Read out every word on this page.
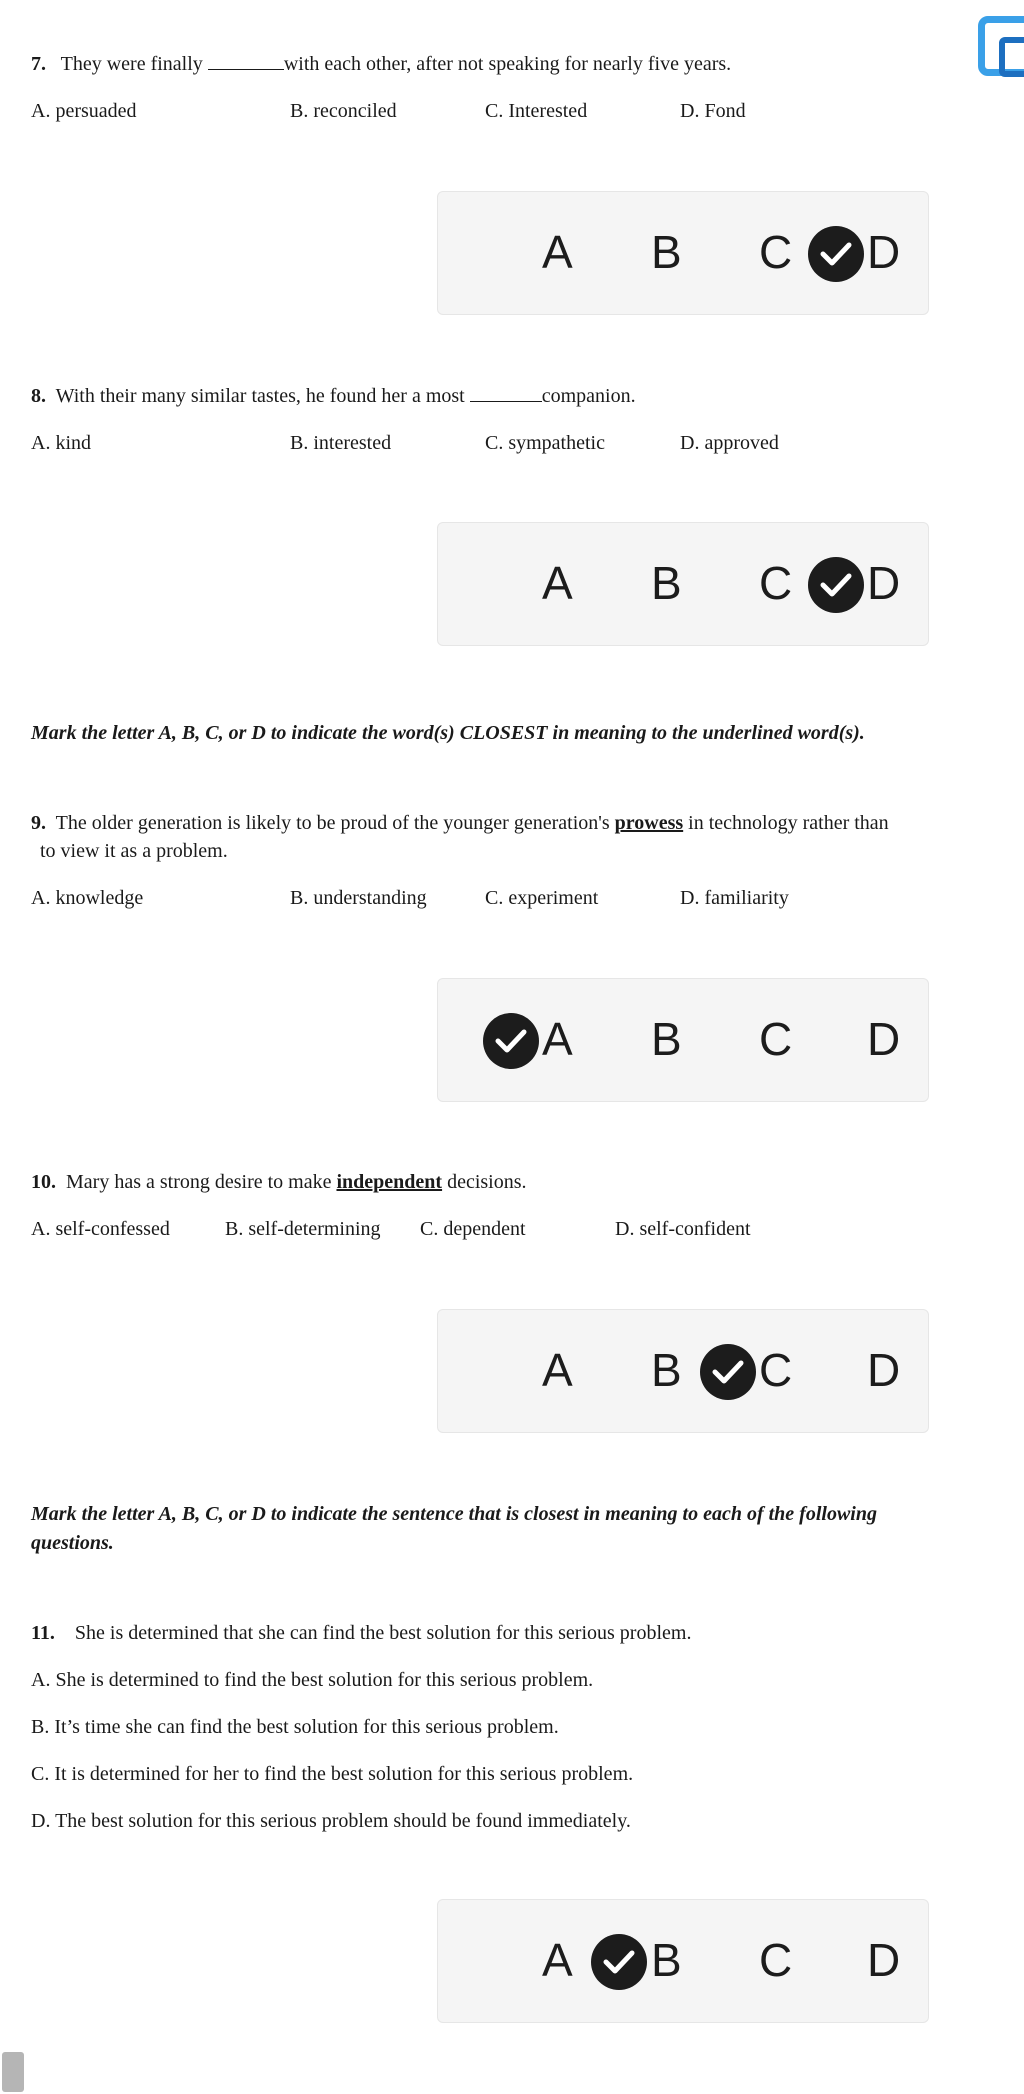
7. They were finally	with each other, after not speaking for nearly five years.
A. persuaded	B. reconciled	C. Interested	D. Fond
A B C D
8. With their many similar tastes, he found her a most	companion.
A. kind	B. interested	C. sympathetic	D. approved
A B C D
Mark the letter A, B, C, or D to indicate the word(s) CLOSEST in meaning to the underlined word(s).
9. The older generation is likely to be proud of the younger generation's prowess in technology rather than
to view it as a problem.
A. knowledge	B. understanding	C. experiment	D. familiarity
A B C D
10. Mary has a strong desire to make independent decisions.
A. self-confessed	B. self-determining C. dependent	D. self-confident
A B C D
Mark the letter A, B, C, or D to indicate the sentence that is closest in meaning to each of the following
questions.
11. She is determined that she can find the best solution for this serious problem.
A. She is determined to find the best solution for this serious problem.
B. It’s time she can find the best solution for this serious problem.
C. It is determined for her to find the best solution for this serious problem.
D. The best solution for this serious problem should be found immediately.
A B C D
